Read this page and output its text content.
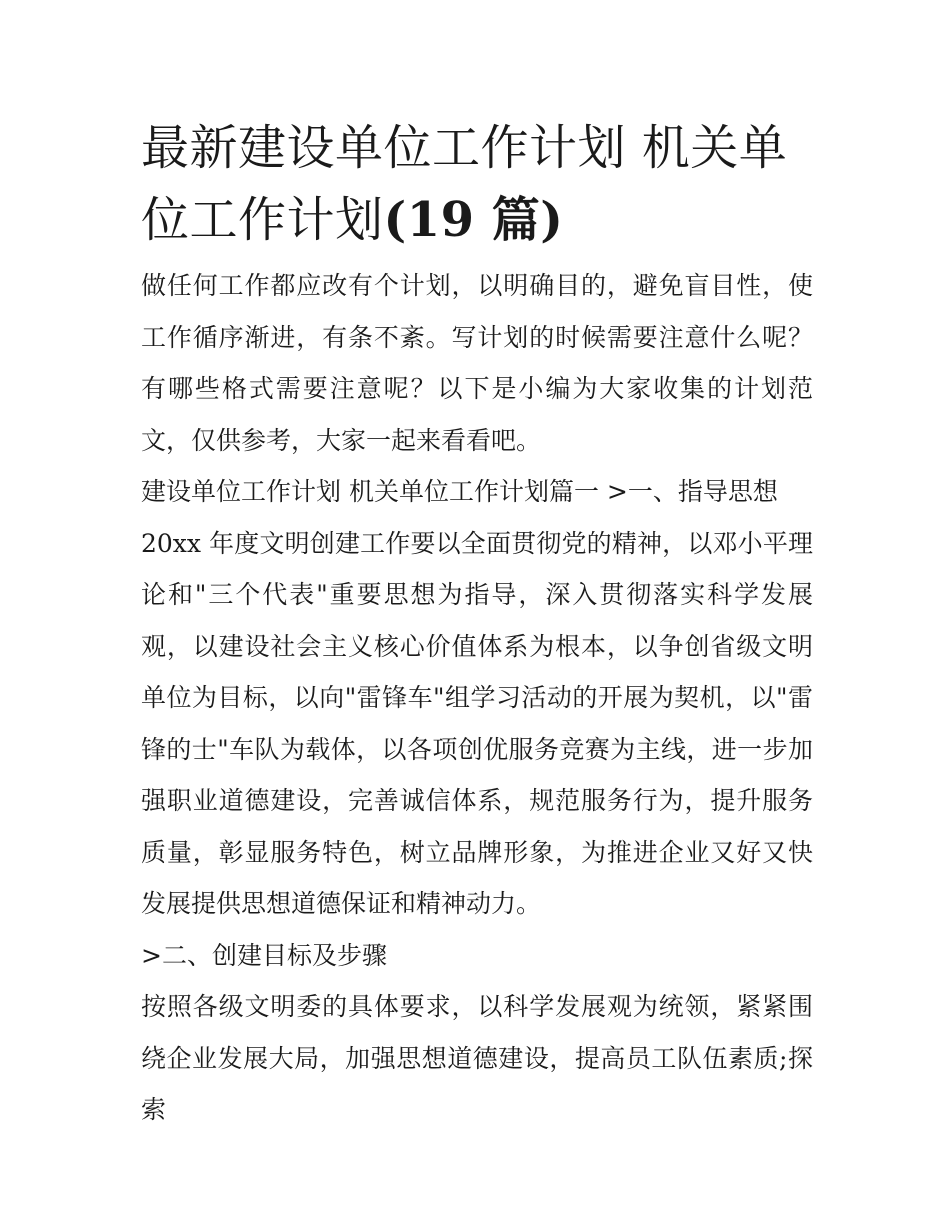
最新建设单位工作计划 机关单位工作计划(19 篇)

做任何工作都应改有个计划，以明确目的，避免盲目性，使工作循序渐进，有条不紊。写计划的时候需要注意什么呢？有哪些格式需要注意呢？以下是小编为大家收集的计划范文，仅供参考，大家一起来看看吧。

建设单位工作计划 机关单位工作计划篇一 >一、指导思想

20xx 年度文明创建工作要以全面贯彻党的精神，以邓小平理论和"三个代表"重要思想为指导，深入贯彻落实科学发展观，以建设社会主义核心价值体系为根本，以争创省级文明单位为目标，以向"雷锋车"组学习活动的开展为契机，以"雷锋的士"车队为载体，以各项创优服务竞赛为主线，进一步加强职业道德建设，完善诚信体系，规范服务行为，提升服务质量，彰显服务特色，树立品牌形象，为推进企业又好又快发展提供思想道德保证和精神动力。

>二、创建目标及步骤

按照各级文明委的具体要求，以科学发展观为统领，紧紧围绕企业发展大局，加强思想道德建设，提高员工队伍素质;探索
